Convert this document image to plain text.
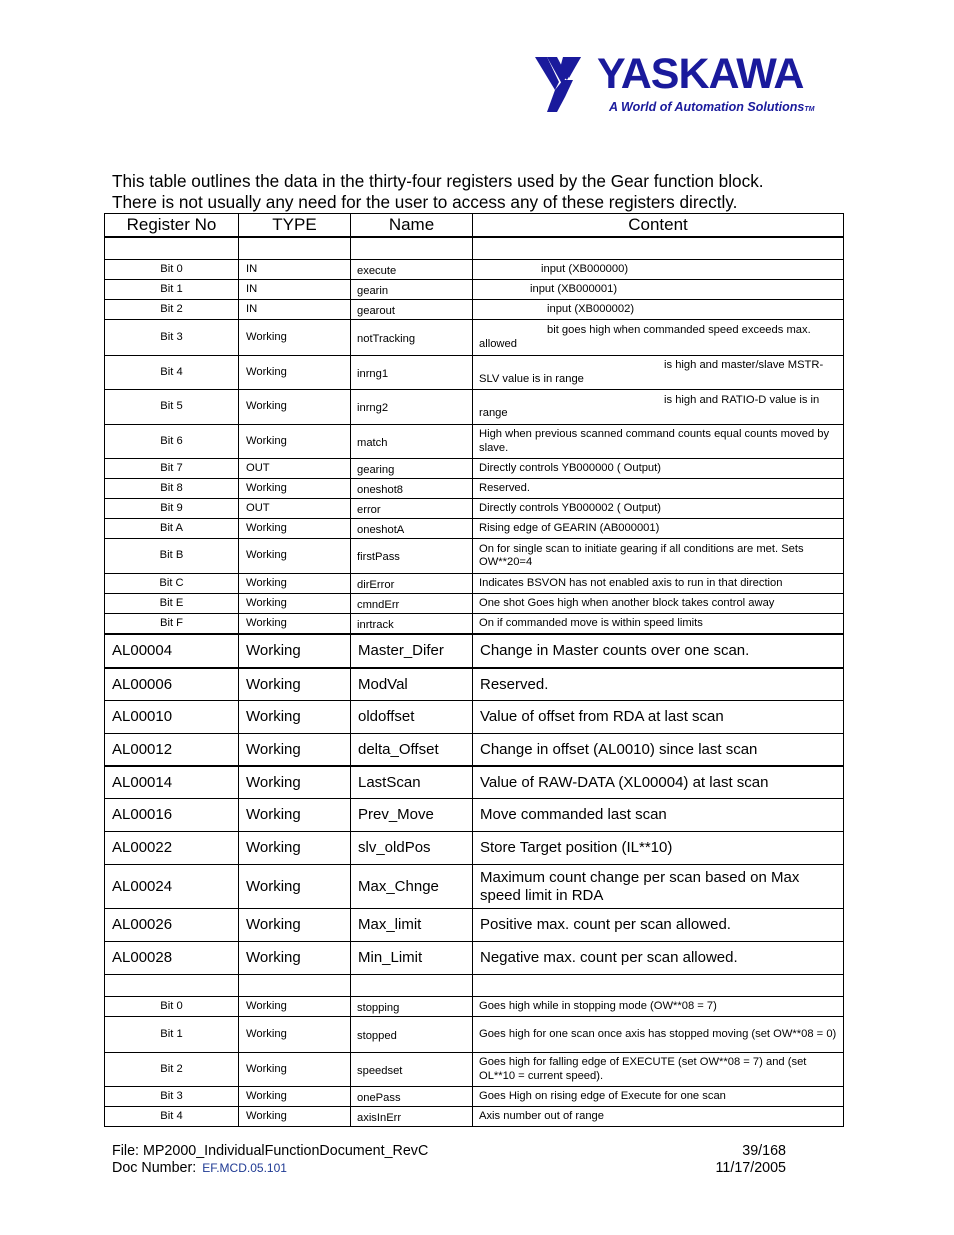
YASKAWA
A World of Automation SolutionsTM

This table outlines the data in the thirty-four registers used by the Gear function block.

There is not usually any need for the user to access any of these registers directly.

Register No	TYPE	Name	Content

Bit 0	IN	execute	input (XB000000)
Bit 1	IN	gearin	input (XB000001)
Bit 2	IN	gearout	input (XB000002)
Bit 3	Working	notTracking	bit goes high when commanded speed exceeds max. allowed
Bit 4	Working	inrng1	is high and master/slave MSTR-SLV value is in range
Bit 5	Working	inrng2	is high and RATIO-D value is in range
Bit 6	Working	match	High when previous scanned command counts equal counts moved by slave.
Bit 7	OUT	gearing	Directly controls YB000000 ( Output)
Bit 8	Working	oneshot8	Reserved.
Bit 9	OUT	error	Directly controls YB000002 ( Output)
Bit A	Working	oneshotA	Rising edge of GEARIN (AB000001)
Bit B	Working	firstPass	On for single scan to initiate gearing if all conditions are met. Sets OW**20=4
Bit C	Working	dirError	Indicates BSVON has not enabled axis to run in that direction
Bit E	Working	cmndErr	One shot Goes high when another block takes control away
Bit F	Working	inrtrack	On if commanded move is within speed limits
AL00004	Working	Master_Difer	Change in Master counts over one scan.
AL00006	Working	ModVal	Reserved.
AL00010	Working	oldoffset	Value of offset from RDA at last scan
AL00012	Working	delta_Offset	Change in offset (AL0010) since last scan
AL00014	Working	LastScan	Value of RAW-DATA (XL00004) at last scan
AL00016	Working	Prev_Move	Move commanded last scan
AL00022	Working	slv_oldPos	Store Target position (IL**10)
AL00024	Working	Max_Chnge	Maximum count change per scan based on Max speed limit in RDA
AL00026	Working	Max_limit	Positive max. count per scan allowed.
AL00028	Working	Min_Limit	Negative max. count per scan allowed.

Bit 0	Working	stopping	Goes high while in stopping mode (OW**08 = 7)
Bit 1	Working	stopped	Goes high for one scan once axis has stopped moving (set OW**08 = 0)
Bit 2	Working	speedset	Goes high for falling edge of EXECUTE (set OW**08 = 7) and (set OL**10 = current speed).
Bit 3	Working	onePass	Goes High on rising edge of Execute for one scan
Bit 4	Working	axisInErr	Axis number out of range
File: MP2000_IndividualFunctionDocument_RevC	39/168
Doc Number: EF.MCD.05.101	11/17/2005
